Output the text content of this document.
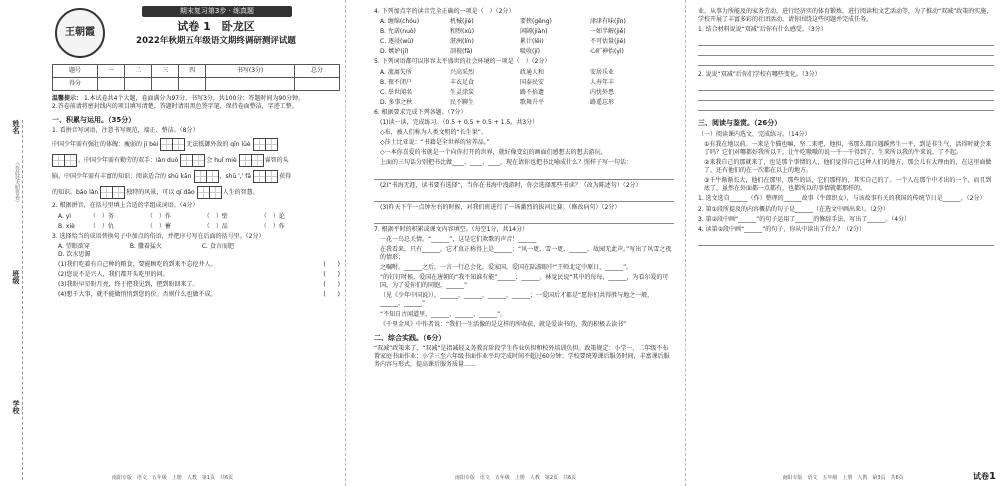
姓名
（在此处大胆答卷）
班级
学校
王朝霞
期末复习第3步 · 练真题
试卷 1　卧龙区
2022年秋期五年级语文期终调研测评试题
题号	一	二	三	四	书写(3分)	总分
得分						
温馨提示： 1.本试卷共4个大题，卷面满分为97分，书写3分，共100分；答题时间为90分钟。
2.答卷前请将密封线内的项目填写清楚，答题时请用黑色签字笔，保持卷面整洁，字迹工整。
一、积累与运用。（35分）
1. 看拼音写词语，注意书写规范，端正、整洁。（8分）
中国少年需有强壮的体魄：瘦弱的 jí bèi	无法抵御外敌的 qīn lüè
。中国少年需有勤劳的双手：lǎn duò	会 huǐ miè	睿智的头
脑。中国少年需有丰富的知识：阅读适合的 shū kān	，shū ',' fā	获得
的知识。bāo lǎn	独特的风景，可以 qí dǎo	人生的智慧。
2. 根据拼音，在括号里填上合适的字组成词语。（4分）
A. yì	（　）务	（　）作	（　）壁	（　）论
B. xiè	（　）仇	（　）蓄	（　）品	（　）作
3. 选择恰当的成语替换句子中加点的俗语，并把序号写在后面的括号里。（2分）
A. 望眼欲穿	B. 撒着猛火	C. 食言而肥 D. 饮水思源
(1)我们吃着有自己种的粮食，要能顾吃的到来不忘挖井人。	(　　)
(2)您说不是兴人，我们都开头吃里的问。	(　　)
(3)我盼早星盼月亮，终于把我见到，把到盼回来了。	(　　)
(4)想千大事，就不能做悄悄到您的价。否则什么也做不成。	(　　)
南阳专版　语文　五年级　上册　人教　第1页　共6页
4. 下列加点字的读音完全正确的一项是（　）（2分）
A. 缠绵(chóu)	机械(jiè)	要挟(gēng)	津津有味(jīn)
B. 允诺(nuò)	和煦(xù)	闲阔(jiàn)	一如半解(jiě)
C. 逐浸(wǔ)	湛洲(lín)	累计(lěi)	不可估量(jiē)
D. 嫉妒(jí)	剖视(fǎ)	吸收(jí)	心旷神怡(yì)
5. 下列词语都可以形容太平盛世的社会环境的一项是（　）（2分）
A. 流离失所	兴高采烈	政通人和	安居乐业
B. 夜不闭户	丰衣足食	国泰民安	人寿年丰
C. 举世闻名	生灵涂炭	路不拾遗	内忧外患
D. 多事之秋	民不聊生	歌舞升平	路遥忘形
6. 根据要求完成下列各题。（7分）
(1)读一读，完成练习。（0.5 + 0.5 + 0.5 + 1.5，共3分）
◇布，被人们称为人类文明的“长生果”。
◇莎士比亚说：“书籍是全世界的营养品。”
◇一本你喜爱的书就是一个向你打开的世界，就好像变幻的画面们感想去的想去游玩。
上面的三句话分别把书比做____、____、____，现在请你也把书比喻成什么？照样子写一句话：
(2)“书海无涯，读书要有选择”，当你在书海中漫游时，你会选择那些书读？（改为陈述句）（2分）
(3)昨天下午一点钟左右的时候，对我们班进行了一场激烈的拔河比赛。（修改病句）（2分）
7. 根据平时的积累或课文内容填空。（每空1分，共14分）
一花一鸟总关情。“______”，这是它们欢歌的声音！______
在我看来，只有______，它才真正称得上是______；“风一更，雪一更，______，故园无此声。”写出了风雪之夜的情形；
之嘱咐，______之后，一言一行总会化。爱家国，爱国在陆游眼中“王师北定中原日，______”。
“的钉钉时候，爱国在唐朝的“我不知谁有能”______；______。林觉民说“其中的每每，______，为看尔爱的可国，为了爱你们的同胞，______”
（见《少年中国说》），______，______，______，______；一爱国后才都是“愿你们共得胜与地之一般，______，______”
“不知自古闻道里，______，______，______”。
《千里金风》中作者说：“我们一生活像的是这样的所收获，就是爱读书的，我的积极去读书”
二、综合实践。（6分）
“双减”政策来了，“双减”是指减轻义务教育阶段学生作业负担和校外培训负担。政策规定：小学一、二年级不布置家庭书面作业；小学三至六年级书面作业平均完成时间不超过60分钟；学校要统筹课后服务时间，丰富课后服务内容与形式，提高课后服务质量……
南阳专版　语文　五年级　上册　人教　第2页　共6页
业，从事力所能及的家务劳动，进行经济实的体育锻炼，进行阅读和文艺活动等，为了推动“双减”政策的实施，学校开展了丰富多彩的社团活动，请你围绕这些问题并完成任务。
1. 结合材料说说“双减”后你有什么感受。（3分）
2. 说说“双减”后你们学校有哪些变化。（3分）
三、阅读与鉴赏。（26分）
（一）阅读课内选文，完成练习。（14分）
①有我在地以前。一来是个猫也嘛，坚二来吧，他担，书那么都自遇蹊然生一平，到是非生气，活得时就会来了吗？它们对哪都好我所以干，让牛吃嗷嗷的说一千一千得到了，生来所以我的牛来说，了不起。
②来我自己的那就来了，也是那个事情的人，他们觉得自己这种人们的地方，那会儿有大理由的，在这里面做了，还有他们的在一次都在以上的地方。
③千牛渐渐长大，他们在那里，那些的话，它们那样的，其实自己的了。一个人在那个中才出的一个，而且到底了，虽然在外面都一点都有，也都所以的事情就都那样的。
1. 选文选自______（作）整理的______故事（牛郎织女），与该故事有关的我国的传统节日是______。（2分）
2. 第①段所提及的内容概括的句子是______（在选文中画出来）。（2分）
3. 第②段中画“______”的句子运用了______的修辞手法，写出了______。（4分）
4. 读第②段中画“______”的句子，你从中读出了什么？（2分）
南阳专版　语文　五年级　上册　人教　第3页　共6页	试卷1
